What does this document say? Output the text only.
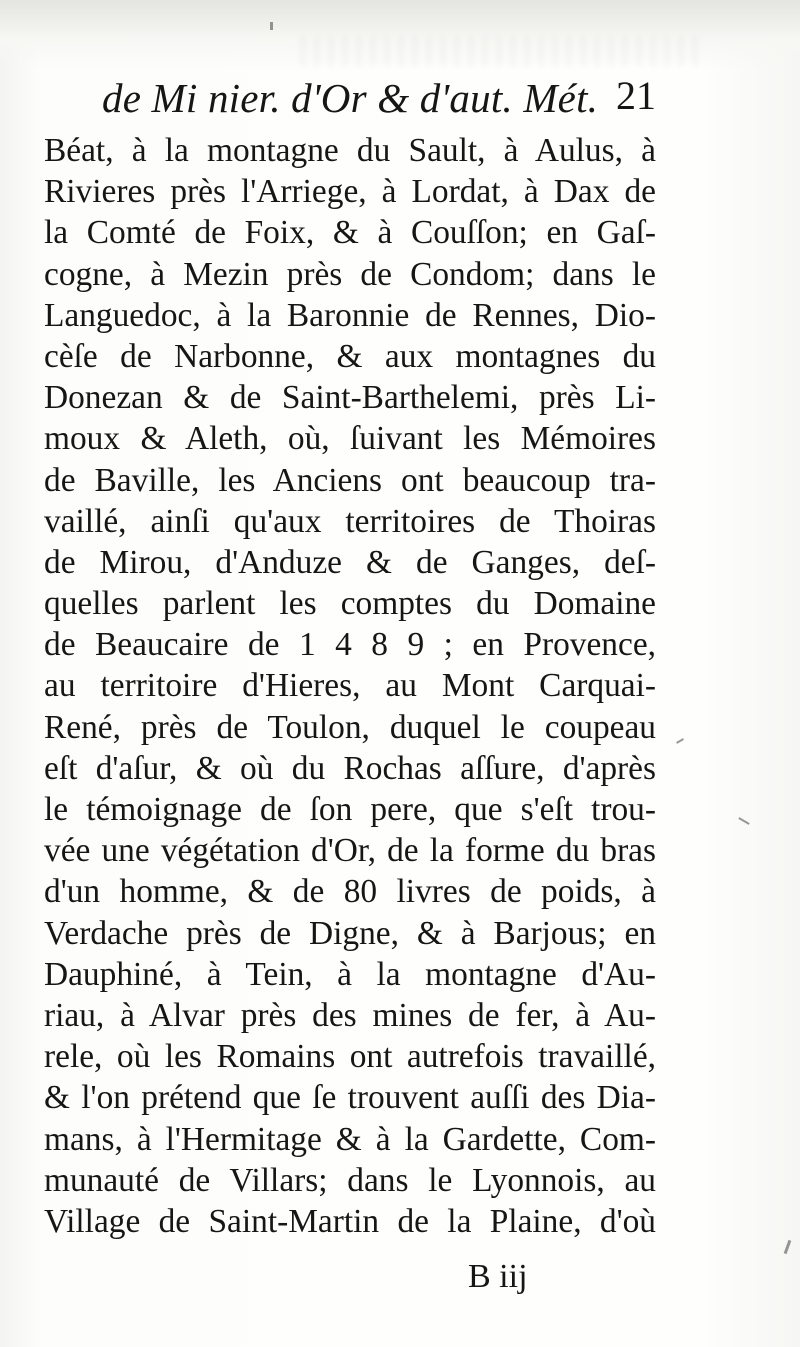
de Mi nier. d'Or & d'aut. Mét. 21
Béat, à la montagne du Sault, à Aulus, à
Rivieres près l'Arriege, à Lordat, à Dax de
la Comté de Foix, & à Couſſon; en Gaſ-
cogne, à Mezin près de Condom; dans le
Languedoc, à la Baronnie de Rennes, Dio-
cèſe de Narbonne, & aux montagnes du
Donezan & de Saint-Barthelemi, près Li-
moux & Aleth, où, ſuivant les Mémoires
de Baville, les Anciens ont beaucoup tra-
vaillé, ainſi qu'aux territoires de Thoiras
de Mirou, d'Anduze & de Ganges, deſ-
quelles parlent les comptes du Domaine
de Beaucaire de 1 4 8 9 ; en Provence,
au territoire d'Hieres, au Mont Carquai-
René, près de Toulon, duquel le coupeau
eſt d'aſur, & où du Rochas aſſure, d'après
le témoignage de ſon pere, que s'eſt trou-
vée une végétation d'Or, de la forme du bras
d'un homme, & de 80 livres de poids, à
Verdache près de Digne, & à Barjous; en
Dauphiné, à Tein, à la montagne d'Au-
riau, à Alvar près des mines de fer, à Au-
rele, où les Romains ont autrefois travaillé,
& l'on prétend que ſe trouvent auſſi des Dia-
mans, à l'Hermitage & à la Gardette, Com-
munauté de Villars; dans le Lyonnois, au
Village de Saint-Martin de la Plaine, d'où
B iij
